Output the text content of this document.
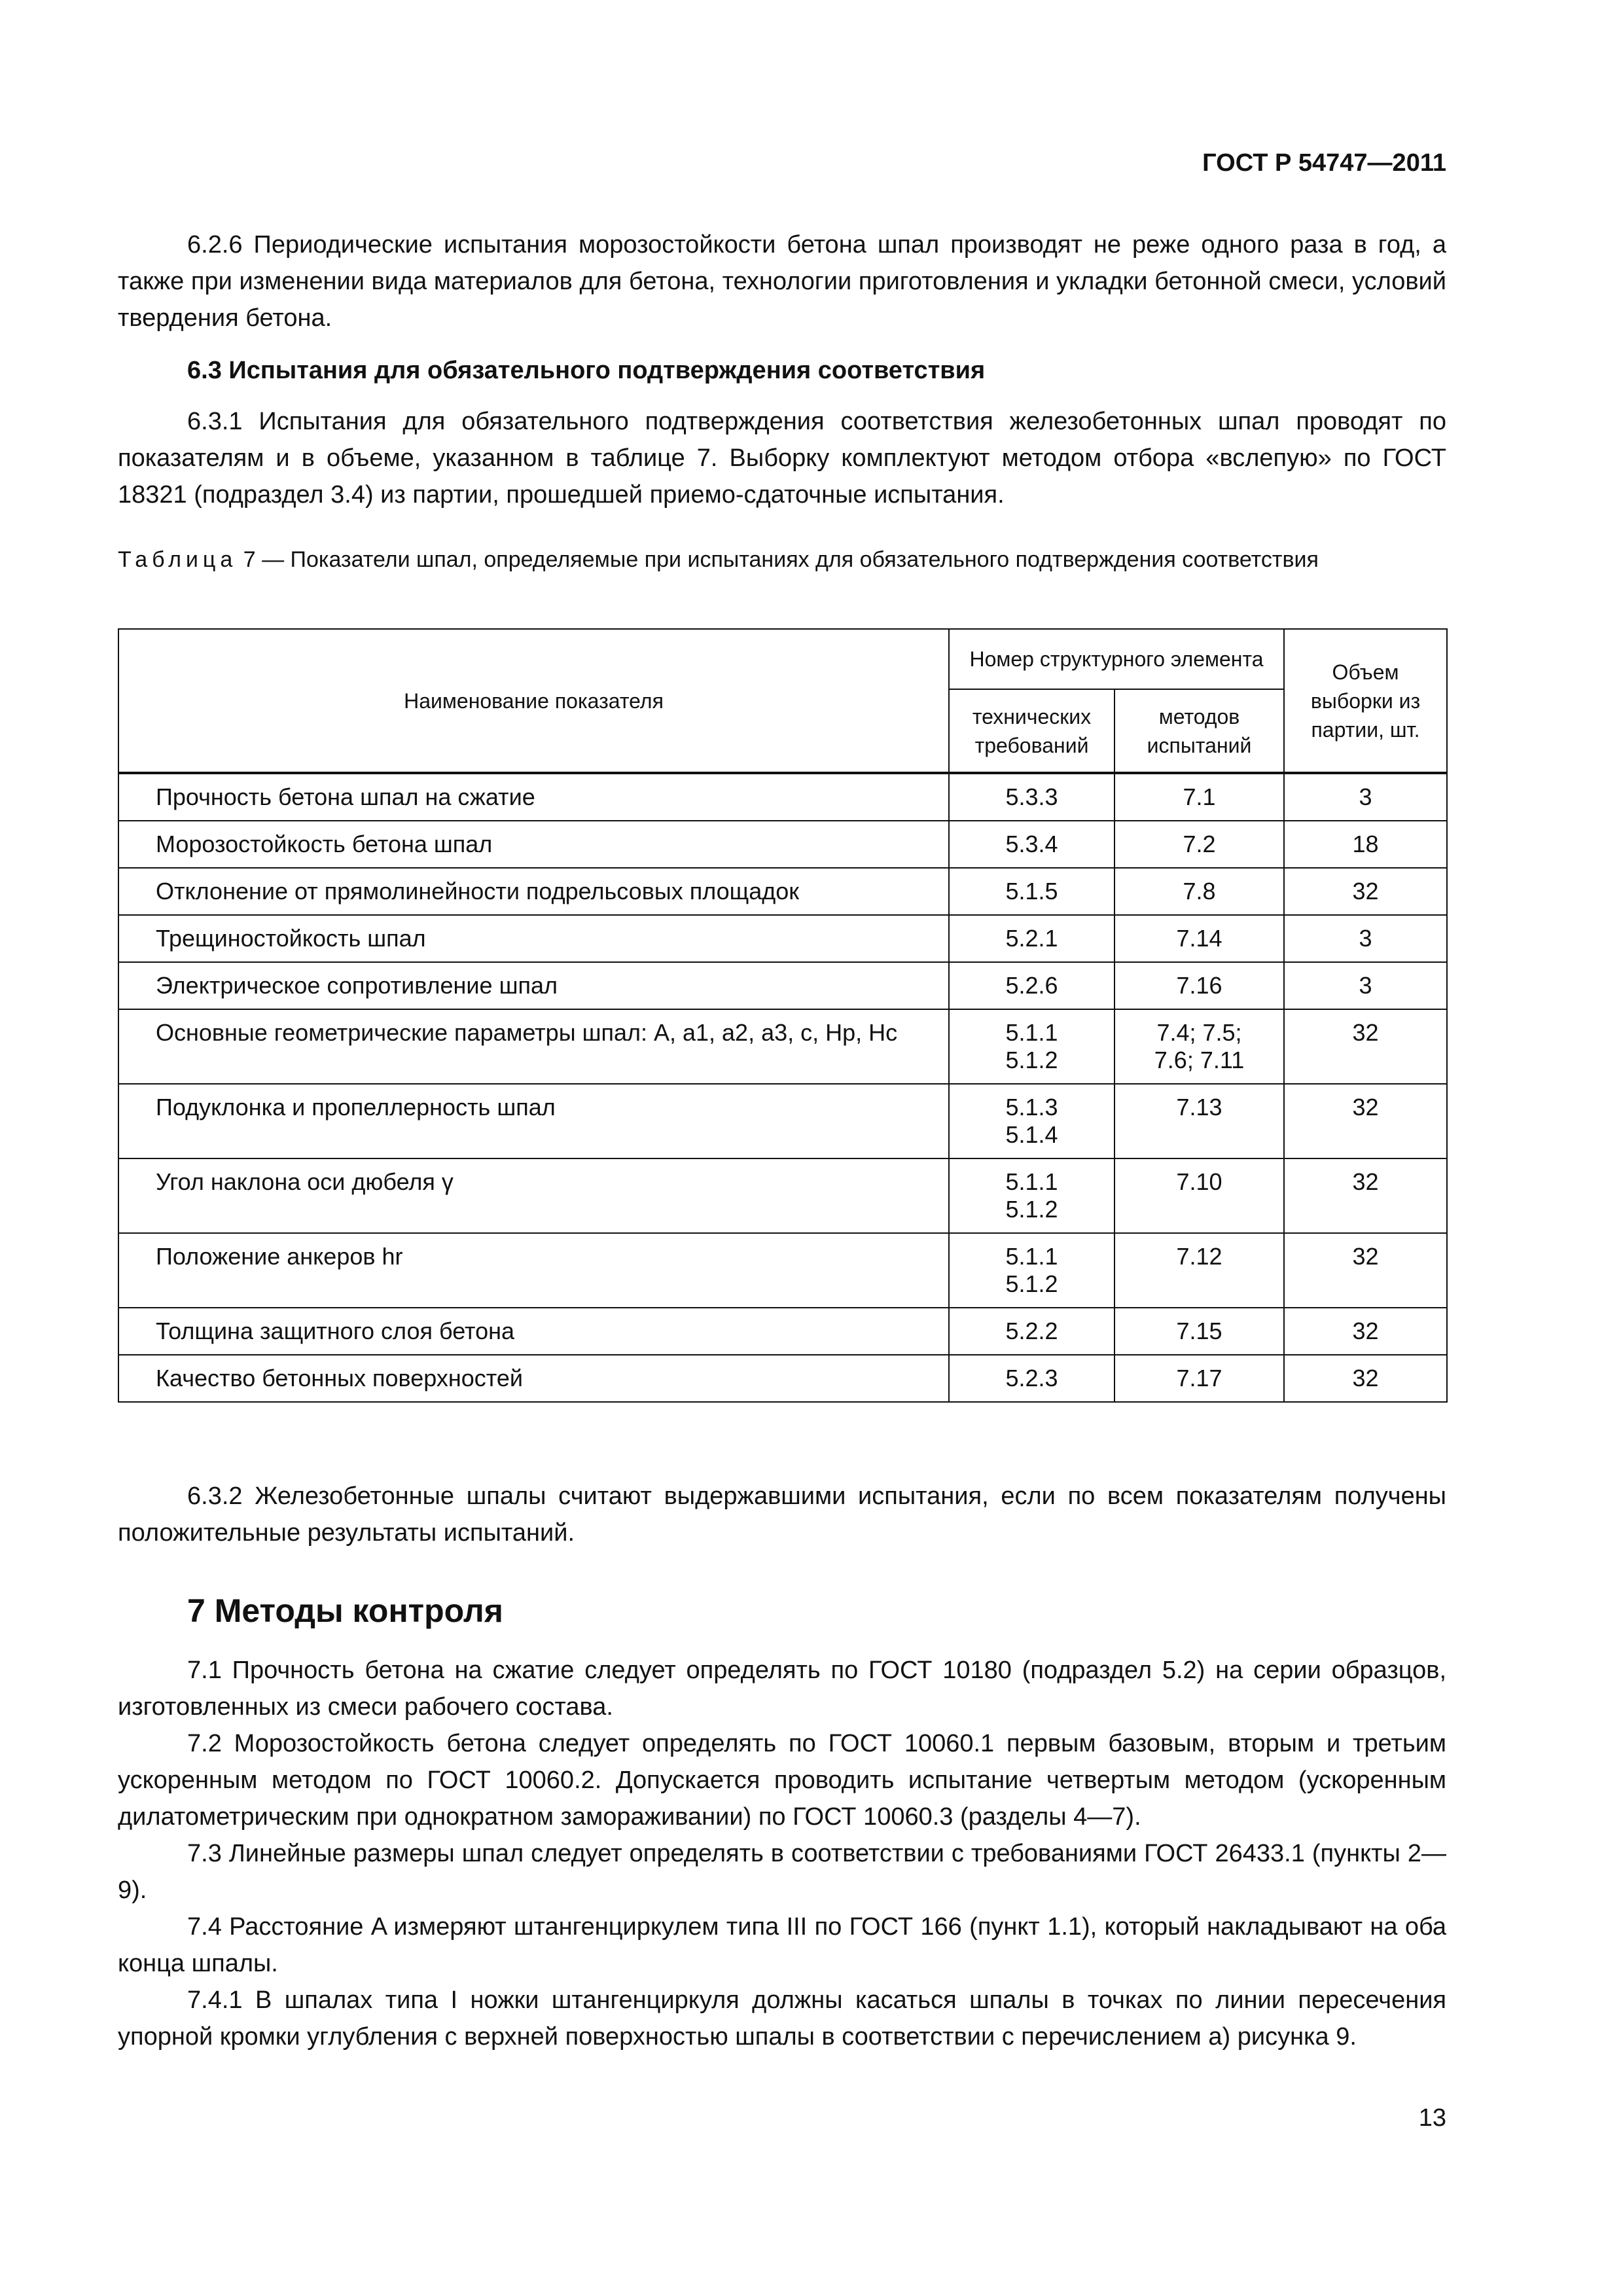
ГОСТ Р 54747—2011

6.2.6 Периодические испытания морозостойкости бетона шпал производят не реже одного раза в год, а также при изменении вида материалов для бетона, технологии приготовления и укладки бетонной смеси, условий твердения бетона.

6.3 Испытания для обязательного подтверждения соответствия

6.3.1 Испытания для обязательного подтверждения соответствия железобетонных шпал проводят по показателям и в объеме, указанном в таблице 7. Выборку комплектуют методом отбора «вслепую» по ГОСТ 18321 (подраздел 3.4) из партии, прошедшей приемо-сдаточные испытания.

Таблица 7 — Показатели шпал, определяемые при испытаниях для обязательного подтверждения соответствия

Наименование показателя	Номер структурного элемента		Объем выборки из партии, шт.
	технических требований	методов испытаний	
Прочность бетона шпал на сжатие	5.3.3	7.1	3
Морозостойкость бетона шпал	5.3.4	7.2	18
Отклонение от прямолинейности подрельсовых площадок	5.1.5	7.8	32
Трещиностойкость шпал	5.2.1	7.14	3
Электрическое сопротивление шпал	5.2.6	7.16	3
Основные геометрические параметры шпал: A, a1, a2, a3, c, Hp, Hc	5.1.1 5.1.2	7.4; 7.5; 7.6; 7.11	32
Подуклонка и пропеллерность шпал	5.1.3 5.1.4	7.13	32
Угол наклона оси дюбеля γ	5.1.1 5.1.2	7.10	32
Положение анкеров hr	5.1.1 5.1.2	7.12	32
Толщина защитного слоя бетона	5.2.2	7.15	32
Качество бетонных поверхностей	5.2.3	7.17	32

6.3.2 Железобетонные шпалы считают выдержавшими испытания, если по всем показателям получены положительные результаты испытаний.

7 Методы контроля

7.1 Прочность бетона на сжатие следует определять по ГОСТ 10180 (подраздел 5.2) на серии образцов, изготовленных из смеси рабочего состава.

7.2 Морозостойкость бетона следует определять по ГОСТ 10060.1 первым базовым, вторым и третьим ускоренным методом по ГОСТ 10060.2. Допускается проводить испытание четвертым методом (ускоренным дилатометрическим при однократном замораживании) по ГОСТ 10060.3 (разделы 4—7).

7.3 Линейные размеры шпал следует определять в соответствии с требованиями ГОСТ 26433.1 (пункты 2—9).

7.4 Расстояние A измеряют штангенциркулем типа III по ГОСТ 166 (пункт 1.1), который накладывают на оба конца шпалы.

7.4.1 В шпалах типа I ножки штангенциркуля должны касаться шпалы в точках по линии пересечения упорной кромки углубления с верхней поверхностью шпалы в соответствии с перечислением а) рисунка 9.

13
